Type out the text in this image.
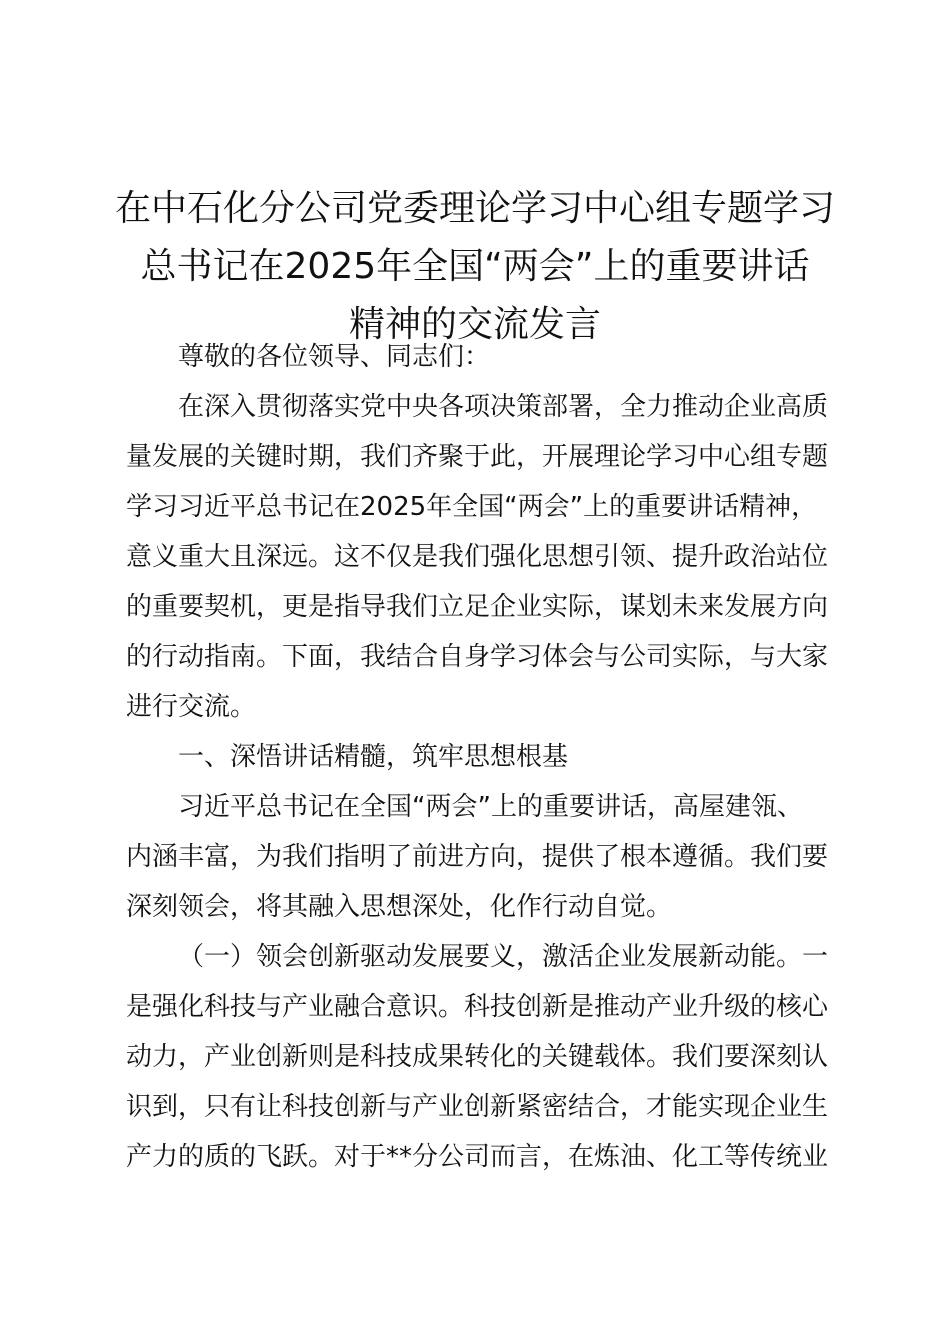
在中石化分公司党委理论学习中心组专题学习
总书记在2025年全国“两会”上的重要讲话
精神的交流发言

尊敬的各位领导、同志们：

在深入贯彻落实党中央各项决策部署，全力推动企业高质
量发展的关键时期，我们齐聚于此，开展理论学习中心组专题
学习习近平总书记在2025年全国“两会”上的重要讲话精神，
意义重大且深远。这不仅是我们强化思想引领、提升政治站位
的重要契机，更是指导我们立足企业实际，谋划未来发展方向
的行动指南。下面，我结合自身学习体会与公司实际，与大家
进行交流。

一、深悟讲话精髓，筑牢思想根基

习近平总书记在全国“两会”上的重要讲话，高屋建瓴、
内涵丰富，为我们指明了前进方向，提供了根本遵循。我们要
深刻领会，将其融入思想深处，化作行动自觉。

（一）领会创新驱动发展要义，激活企业发展新动能。一
是强化科技与产业融合意识。科技创新是推动产业升级的核心
动力，产业创新则是科技成果转化的关键载体。我们要深刻认
识到，只有让科技创新与产业创新紧密结合，才能实现企业生
产力的质的飞跃。对于**分公司而言，在炼油、化工等传统业
